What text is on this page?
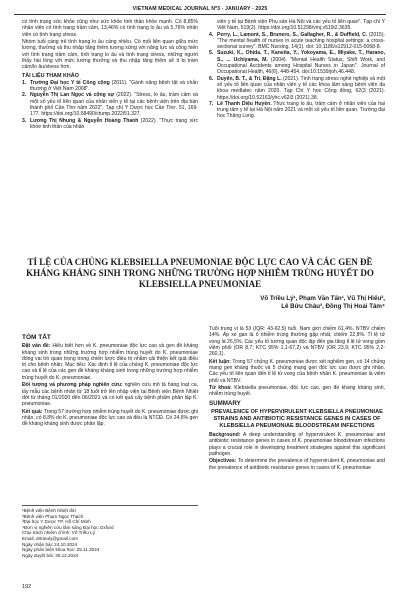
VIETNAM MEDICAL JOURNAL Nº3 - JANUARY - 2025

có tình trạng sức khỏe cũng như sức khỏe tinh thần khỏe mạnh. Có 8,85% nhân viên có tình trạng trầm cảm, 13,46% có tình trạng lo âu và 5,76% nhân viên có tình trạng stress.

Nhóm tuổi càng trẻ tình trạng lo âu càng nhiều. Có mối liên quan giữa mức lương, thưởng và thu nhập tăng thêm tương xứng với năng lực và công hiến với tình trạng trầm cảm, tình trạng lo âu và tình trạng stress, những người thấy hài lòng với mức lương thưởng và thu nhập tăng thêm sẽ ít bị trầm cảm/lo âu/stress hơn.

TÀI LIỆU THAM KHẢO
1. Trường Đại học Y tế Công cộng (2011). "Gánh nặng bệnh tật và chấn thương ở Việt Nam 2008".
2. Nguyễn Thị Lan Ngọc và cộng sự (2022). "Stress, lo âu, trầm cảm và một số yếu tố liên quan của nhân viên y tế tại các bệnh viện trên địa bàn thành phố Cần Thơ năm 2022". Tạp chí Y Dược học Cần Thơ. 51, 169-177. https://doi.org/10.58490/ctump.2022i51.327.
3. Lương Thị Nhung & Nguyễn Hoàng Thanh (2022). "Thực trạng sức khỏe tinh thần của nhân
viên y tế tại Bệnh viện Phụ sản Hà Nội và các yếu tố liên quan". Tạp chí Y Việt Nam. 519(2). https://doi.org/10.51298/vmj.v519i2.3635.
4. Perry, L., Lamont, S., Brunero, S., Gallagher, R., & Duffield, C. (2015). "The mental health of nurses in acute teaching hospital settings: a cross-sectional survey". BMC Nursing, 14(1). doi: 10.1186/s12912-015-0068-8.
5. Suzuki, K., Ohida, T., Kaneita, Y., Yokoyama, E., Miyake, T., Harano, S., ... Uchiyama, M. (2004). "Mental Health Status, Shift Work, and Occupational Accidents among Hospital Nurses in Japan". Journal of Occupational Health, 46(6), 448-454. doi:10.1539/joh.46.448.
6. Duyên, B. T., & Trí, Đặng L. (2021). Tình trạng stress nghề nghiệp và một số yếu tố liên quan của nhân viên y tế các khoa lâm sàng bệnh viện đa khoa medlatec năm 2020. Tạp Chí Y học Cộng đồng, 62(3 (2021). https://doi.org/10.52163/yhc.v62i3 (2021).38.
7. Lê Thanh Diệu Huyền. Thực trạng lo âu, trầm cảm ở nhân viên của hai trung tâm y tế tại Hà Nội năm 2021 và một số yếu tố liên quan. Trường đại học Thăng Long.
TỈ LỆ CỦA CHỦNG KLEBSIELLA PNEUMONIAE ĐỘC LỰC CAO VÀ CÁC GEN ĐỀ KHÁNG KHÁNG SINH TRONG NHỮNG TRƯỜNG HỢP NHIỄM TRÙNG HUYẾT DO KLEBSIELLA PNEUMONIAE
Võ Triều Lý¹, Phạm Văn Tấn¹, Vũ Thị Hiếu²,
Lê Bửu Châu³, Đồng Thị Hoài Tâm⁴
TÓM TẮT

Đặt vấn đề: Hiểu biết hơn về K. pneumoniae độc lực cao và gen đề kháng kháng sinh trong những trường hợp nhiễm trùng huyết do K. pneumoniae đóng vai trò quan trọng trong chiến lược điều trị nhằm cải thiện kết quả điều trị cho bệnh nhân. Mục tiêu: Xác định tỉ lệ của chủng K. pneumoniae độc lực cao và tỉ lệ của các gen đề kháng kháng sinh trong những trường hợp nhiễm trùng huyết do K. pneumoniae.

Đối tượng và phương pháp nghiên cứu: nghiên cứu mô tả hàng loạt ca, lấy mẫu các bệnh nhân từ 18 tuổi trở lên nhập viện tại Bệnh viện Bệnh Nhiệt đới từ tháng 01/2020 đến 06/2021 và có kết quả cấy bệnh phẩm phân lập K. pneumoniae.

Kết quả: Trong 57 trường hợp nhiễm trùng huyết do K. pneumoniae được ghi nhận, có 8,8% do K. pneumoniae độc lực cao và đều là NTCĐ. Có 24,6% gen đề kháng kháng sinh được phân lập.

Tuổi trung vị là 53 (IQR: 43-62,5) tuổi. Nam giới chiếm 61,4%. NTBV chiếm 14%. Áp xe gan là ổ nhiễm trùng thường gặp nhất, chiếm 22,8%. Tỉ lệ tử vong là 26,5%. Các yếu tố tương quan độc lập đến gia tăng tỉ lệ tử vong gồm viêm phổi (OR 8,7; KTC 95% 1,1-67,2) và NTBV (OR 23,9; KTC 95% 2,2-260,1).

Kết luận: Trong 57 chủng K. pneumoniae được xét nghiệm gen, có 14 chủng mang gen kháng thuốc và 5 chủng mang gen độc lực cao được ghi nhận. Các yếu tố liên quan đến tỉ lệ tử vong của bệnh nhân K. pneumoniae là viêm phổi và NTBV.

Từ khoá: Klebsiella pneumoniae, độc lực cao, gen đề kháng kháng sinh, nhiễm trùng huyết.

SUMMARY
PREVALENCE OF HYPERVIRULENT KLEBSIELLA PNEUMONIAE STRAINS AND ANTIBIOTIC RESISTANCE GENES IN CASES OF KLEBSIELLA PNEUMONIAE BLOODSTREAM INFECTIONS

Background: A deep understanding of hypervirulent K. pneumoniae and antibiotic resistance genes in cases of K. pneumoniae bloodstream infections plays a crucial role in developing treatment strategies against this significant pathogen.

Objectives: To determine the prevalence of hypervirulent K. pneumoniae and the prevalence of antibiotic resistance genes in cases of K. pneumoniae

¹Bệnh viện Bệnh Nhiệt đới
²Bệnh viện Phạm Ngọc Thạch
³Đại học Y Dược TP. Hồ Chí Minh
⁴Đơn vị nghiên cứu lâm sàng Đại học Oxford
Chịu trách nhiệm chính: Võ Triều Lý
Email: drtrieuly@gmail.com
Ngày nhận bài: 24.10.2024
Ngày phản biện khoa học: 25.11.2024
Ngày duyệt bài: 30.12.2024
192
